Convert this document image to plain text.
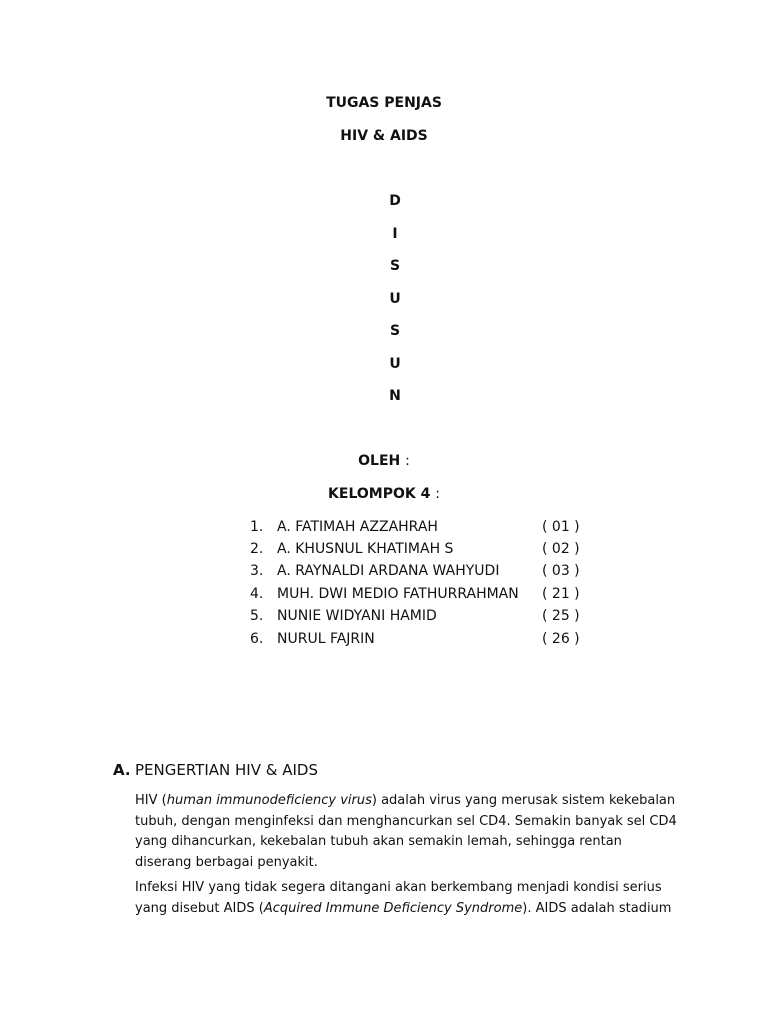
TUGAS PENJAS
HIV & AIDS
D
I
S
U
S
U
N
OLEH :
KELOMPOK 4 :
1. A. FATIMAH AZZAHRAH	( 01 )
2. A. KHUSNUL KHATIMAH S	( 02 )
3. A. RAYNALDI ARDANA WAHYUDI	( 03 )
4. MUH. DWI MEDIO FATHURRAHMAN ( 21 )
5. NUNIE WIDYANI HAMID	( 25 )
6. NURUL FAJRIN	( 26 )
A. PENGERTIAN HIV & AIDS

HIV (human immunodeficiency virus) adalah virus yang merusak sistem kekebalan tubuh, dengan menginfeksi dan menghancurkan sel CD4. Semakin banyak sel CD4 yang dihancurkan, kekebalan tubuh akan semakin lemah, sehingga rentan diserang berbagai penyakit.

Infeksi HIV yang tidak segera ditangani akan berkembang menjadi kondisi serius yang disebut AIDS (Acquired Immune Deficiency Syndrome). AIDS adalah stadium
